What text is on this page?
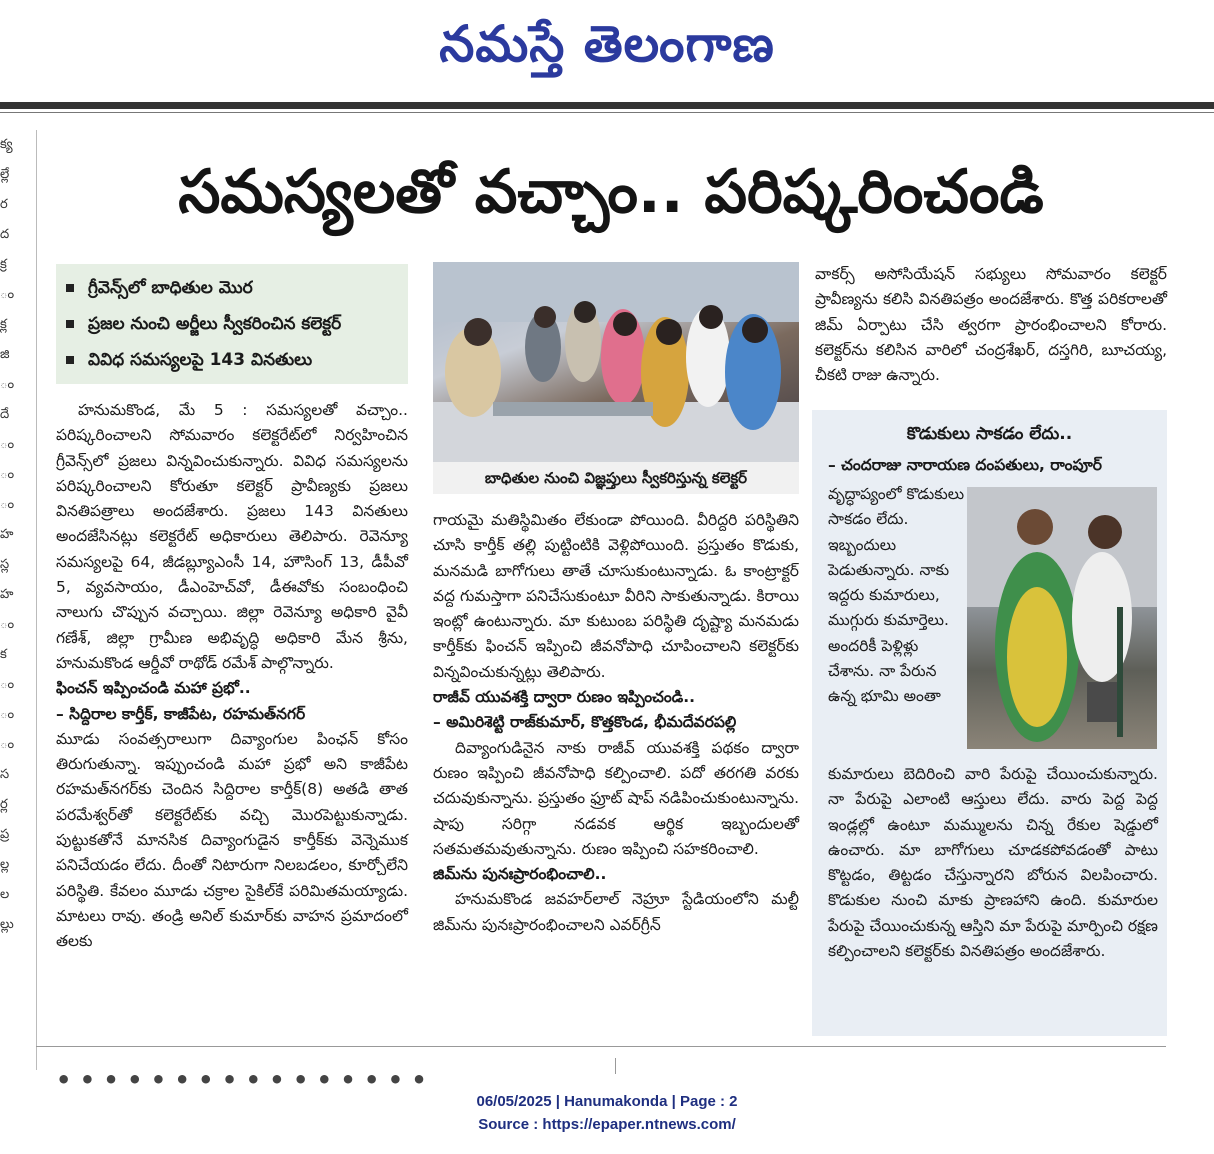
నమస్తే తెలంగాణ
క్య
ల్లే
ర
ద
క్ర
ం
క్ల
జి
ం
దే
ం
ం
ం
హ
స్ల
హ
ం
క
ం
ం
ం
స
ర్ల
ప్ర
ల్ల
ల
ల్లు
సమస్యలతో వచ్చాం.. పరిష్కరించండి
గ్రీవెన్స్‌లో బాధితుల మొర
ప్రజల నుంచి అర్జీలు స్వీకరించిన కలెక్టర్
వివిధ సమస్యలపై 143 వినతులు
బాధితుల నుంచి విజ్ఞప్తులు స్వీకరిస్తున్న కలెక్టర్

హనుమకొండ, మే 5 : సమస్యలతో వచ్చాం.. పరిష్కరించాలని సోమవారం కలెక్టరేట్‌లో నిర్వహించిన గ్రీవెన్స్‌లో ప్రజలు విన్నవించుకున్నారు. వివిధ సమస్యలను పరిష్కరించాలని కోరుతూ కలెక్టర్ ప్రావీణ్యకు ప్రజలు వినతిపత్రాలు అందజేశారు. ప్రజలు 143 వినతులు అందజేసినట్లు కలెక్టరేట్ అధికారులు తెలిపారు. రెవెన్యూ సమస్యలపై 64, జీడబ్ల్యూఎంసీ 14, హౌసింగ్ 13, డీపీవో 5, వ్యవసాయం, డీఎంహెచ్‌వో, డీఈవోకు సంబంధించి నాలుగు చొప్పున వచ్చాయి. జిల్లా రెవెన్యూ అధికారి వైవీ గణేశ్, జిల్లా గ్రామీణ అభివృద్ధి అధికారి మేన శ్రీను, హనుమకొండ ఆర్డీవో రాథోడ్ రమేశ్ పాల్గొన్నారు.

ఫించన్ ఇప్పించండి మహా ప్రభో..

– సిద్దిరాల కార్తీక్, కాజీపేట, రహమత్‌నగర్

మూడు సంవత్సరాలుగా దివ్యాంగుల పింఛన్ కోసం తిరుగుతున్నా. ఇప్పుంచండి మహా ప్రభో అని కాజీపేట రహమత్‌నగర్‌కు చెందిన సిద్దిరాల కార్తీక్(8) అతడి తాత పరమేశ్వర్‌తో కలెక్టరేట్‌కు వచ్చి మొరపెట్టుకున్నాడు. పుట్టుకతోనే మానసిక దివ్యాంగుడైన కార్తీక్‌కు వెన్నెముక పనిచేయడం లేదు. దీంతో నిటారుగా నిలబడలం, కూర్చోలేని పరిస్థితి. కేవలం మూడు చక్రాల సైకిల్‌కే పరిమితమయ్యాడు. మాటలు రావు. తండ్రి అనిల్ కుమార్‌కు వాహన ప్రమాదంలో తలకు

గాయమై మతిస్థిమితం లేకుండా పోయింది. వీరిద్దరి పరిస్థితిని చూసి కార్తీక్ తల్లి పుట్టింటికి వెళ్లిపోయింది. ప్రస్తుతం కొడుకు, మనమడి బాగోగులు తాతే చూసుకుంటున్నాడు. ఓ కాంట్రాక్టర్ వద్ద గుమస్తాగా పనిచేసుకుంటూ వీరిని సాకుతున్నాడు. కిరాయి ఇంట్లో ఉంటున్నారు. మా కుటుంబ పరిస్థితి దృష్ట్యా మనమడు కార్తీక్‌కు ఫించన్ ఇప్పించి జీవనోపాధి చూపించాలని కలెక్టర్‌కు విన్నవించుకున్నట్లు తెలిపారు.

రాజీవ్ యువశక్తి ద్వారా రుణం ఇప్పించండి..

– అమిరిశెట్టి రాజ్‌కుమార్, కొత్తకొండ, భీమదేవరపల్లి

దివ్యాంగుడినైన నాకు రాజీవ్ యువశక్తి పథకం ద్వారా రుణం ఇప్పించి జీవనోపాధి కల్పించాలి. పదో తరగతి వరకు చదువుకున్నాను. ప్రస్తుతం ఫ్రూట్ షాప్ నడిపించుకుంటున్నాను. షాపు సరిగ్గా నడవక ఆర్థిక ఇబ్బందులతో సతమతమవుతున్నాను. రుణం ఇప్పించి సహకరించాలి.

జిమ్‌ను పునఃప్రారంభించాలి..

హనుమకొండ జవహర్‌లాల్ నెహ్రూ స్టేడియంలోని మల్టీ జిమ్‌ను పునఃప్రారంభించాలని ఎవర్‌గ్రీన్

వాకర్స్ అసోసియేషన్ సభ్యులు సోమవారం కలెక్టర్ ప్రావీణ్యను కలిసి వినతిపత్రం అందజేశారు. కొత్త పరికరాలతో జిమ్ ఏర్పాటు చేసి త్వరగా ప్రారంభించాలని కోరారు. కలెక్టర్‌ను కలిసిన వారిలో చంద్రశేఖర్, దస్తగిరి, బూచయ్య, చీకటి రాజు ఉన్నారు.

కొడుకులు సాకడం లేదు..
– చందరాజు నారాయణ దంపతులు, రాంపూర్
వృద్ధాప్యంలో కొడుకులు సాకడం లేదు. ఇబ్బందులు పెడుతున్నారు. నాకు ఇద్దరు కుమారులు, ముగ్గురు కుమార్తెలు. అందరికీ పెళ్లిళ్లు చేశాను. నా పేరున ఉన్న భూమి అంతా
కుమారులు బెదిరించి వారి పేరుపై చేయించుకున్నారు. నా పేరుపై ఎలాంటి ఆస్తులు లేదు. వారు పెద్ద పెద్ద ఇండ్లల్లో ఉంటూ మమ్ములను చిన్న రేకుల షెడ్డులో ఉంచారు. మా బాగోగులు చూడకపోవడంతో పాటు కొట్టడం, తిట్టడం చేస్తున్నారని బోరున విలపించారు. కొడుకుల నుంచి మాకు ప్రాణహాని ఉంది. కుమారుల పేరుపై చేయించుకున్న ఆస్తిని మా పేరుపై మార్పించి రక్షణ కల్పించాలని కలెక్టర్‌కు వినతిపత్రం అందజేశారు.
• • • • • • • • • • • • • • • •
06/05/2025 | Hanumakonda | Page : 2
Source : https://epaper.ntnews.com/
